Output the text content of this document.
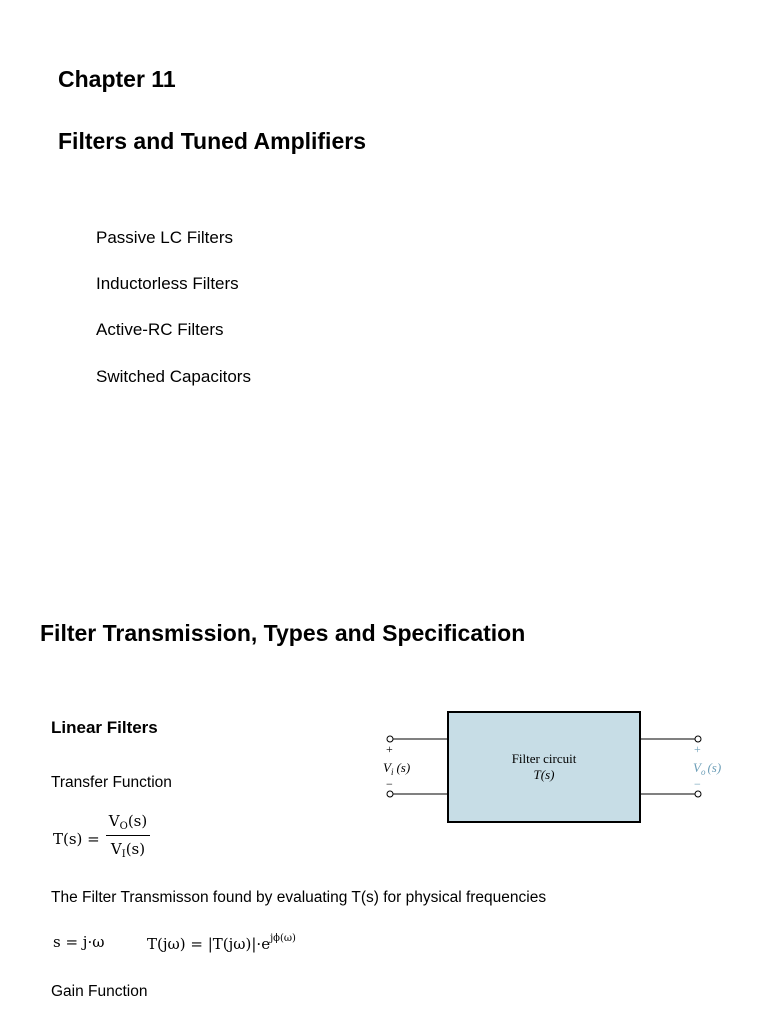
Chapter 11
Filters and Tuned Amplifiers
Passive LC Filters
Inductorless Filters
Active-RC Filters
Switched Capacitors
Filter Transmission, Types and Specification
Linear Filters
Transfer Function
T(s) =
$V_O(s)$
$V_I(s)$
The Filter Transmisson found by evaluating T(s) for physical frequencies
s = j·ω	$T(j\omega) = |T(j\omega)|\cdot e^{j\phi(\omega)}$
Gain Function
Filter circuit
T(s)
+
$V_i$ (s)
−
+
$V_o$ (s)
−
